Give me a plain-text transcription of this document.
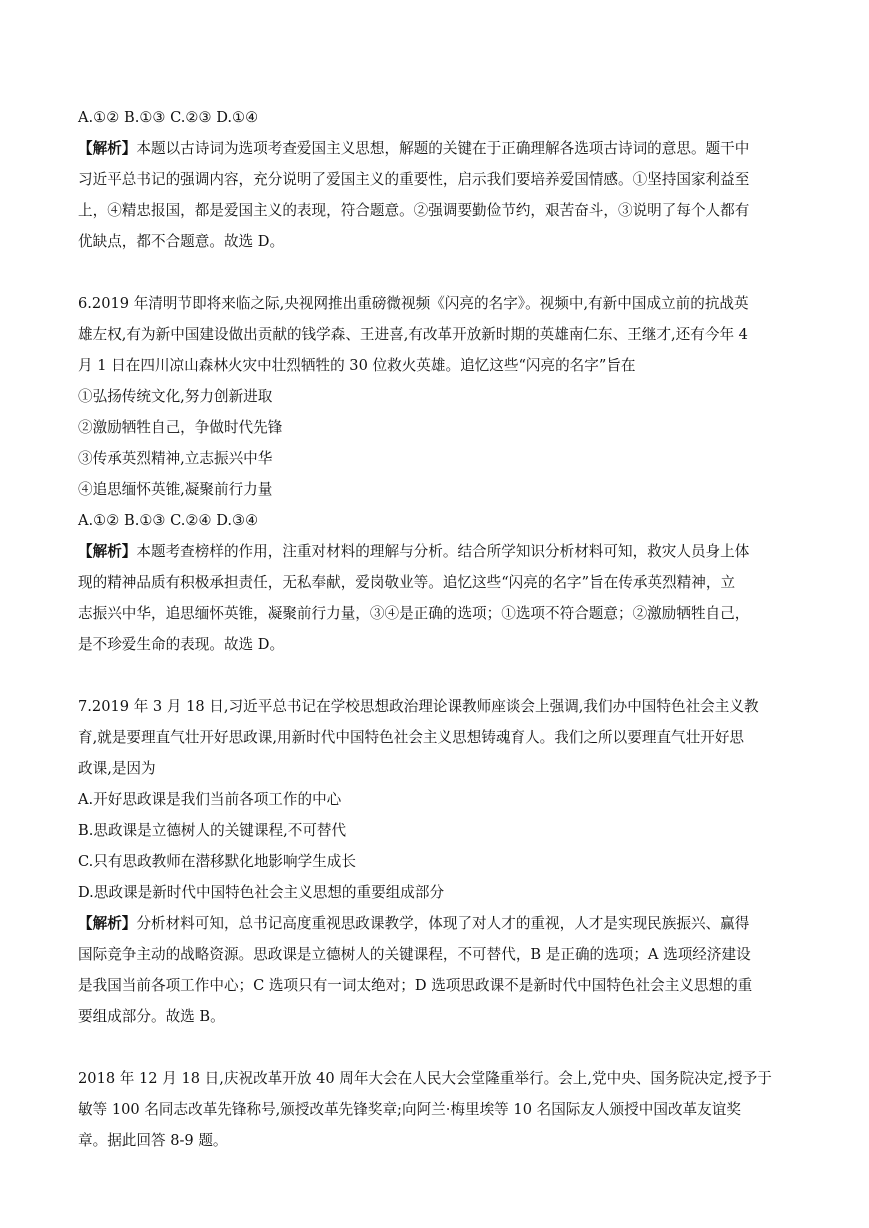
A.①② B.①③ C.②③ D.①④
【解析】本题以古诗词为选项考查爱国主义思想，解题的关键在于正确理解各选项古诗词的意思。题干中
习近平总书记的强调内容，充分说明了爱国主义的重要性，启示我们要培养爱国情感。①坚持国家利益至
上，④精忠报国，都是爱国主义的表现，符合题意。②强调要勤俭节约，艰苦奋斗，③说明了每个人都有
优缺点，都不合题意。故选 D。
6.2019 年清明节即将来临之际,央视网推出重磅微视频《闪亮的名字》。视频中,有新中国成立前的抗战英
雄左权,有为新中国建设做出贡献的钱学森、王进喜,有改革开放新时期的英雄南仁东、王继才,还有今年 4
月 1 日在四川凉山森林火灾中壮烈牺牲的 30 位救火英雄。追忆这些“闪亮的名字”旨在
①弘扬传统文化,努力创新进取
②激励牺牲自己，争做时代先锋
③传承英烈精神,立志振兴中华
④追思缅怀英锥,凝聚前行力量
A.①② B.①③ C.②④ D.③④
【解析】本题考查榜样的作用，注重对材料的理解与分析。结合所学知识分析材料可知，救灾人员身上体
现的精神品质有积极承担责任，无私奉献，爱岗敬业等。追忆这些“闪亮的名字”旨在传承英烈精神，立
志振兴中华，追思缅怀英锥，凝聚前行力量，③④是正确的选项；①选项不符合题意；②激励牺牲自己，
是不珍爱生命的表现。故选 D。
7.2019 年 3 月 18 日,习近平总书记在学校思想政治理论课教师座谈会上强调,我们办中国特色社会主义教
育,就是要理直气壮开好思政课,用新时代中国特色社会主义思想铸魂育人。我们之所以要理直气壮开好思
政课,是因为
A.开好思政课是我们当前各项工作的中心
B.思政课是立德树人的关键课程,不可替代
C.只有思政教师在潜移默化地影响学生成长
D.思政课是新时代中国特色社会主义思想的重要组成部分
【解析】分析材料可知，总书记高度重视思政课教学，体现了对人才的重视，人才是实现民族振兴、赢得
国际竞争主动的战略资源。思政课是立德树人的关键课程，不可替代，B 是正确的选项；A 选项经济建设
是我国当前各项工作中心；C 选项只有一词太绝对；D 选项思政课不是新时代中国特色社会主义思想的重
要组成部分。故选 B。
2018 年 12 月 18 日,庆祝改革开放 40 周年大会在人民大会堂隆重举行。会上,党中央、国务院决定,授予于
敏等 100 名同志改革先锋称号,颁授改革先锋奖章;向阿兰·梅里埃等 10 名国际友人颁授中国改革友谊奖
章。据此回答 8-9 题。
